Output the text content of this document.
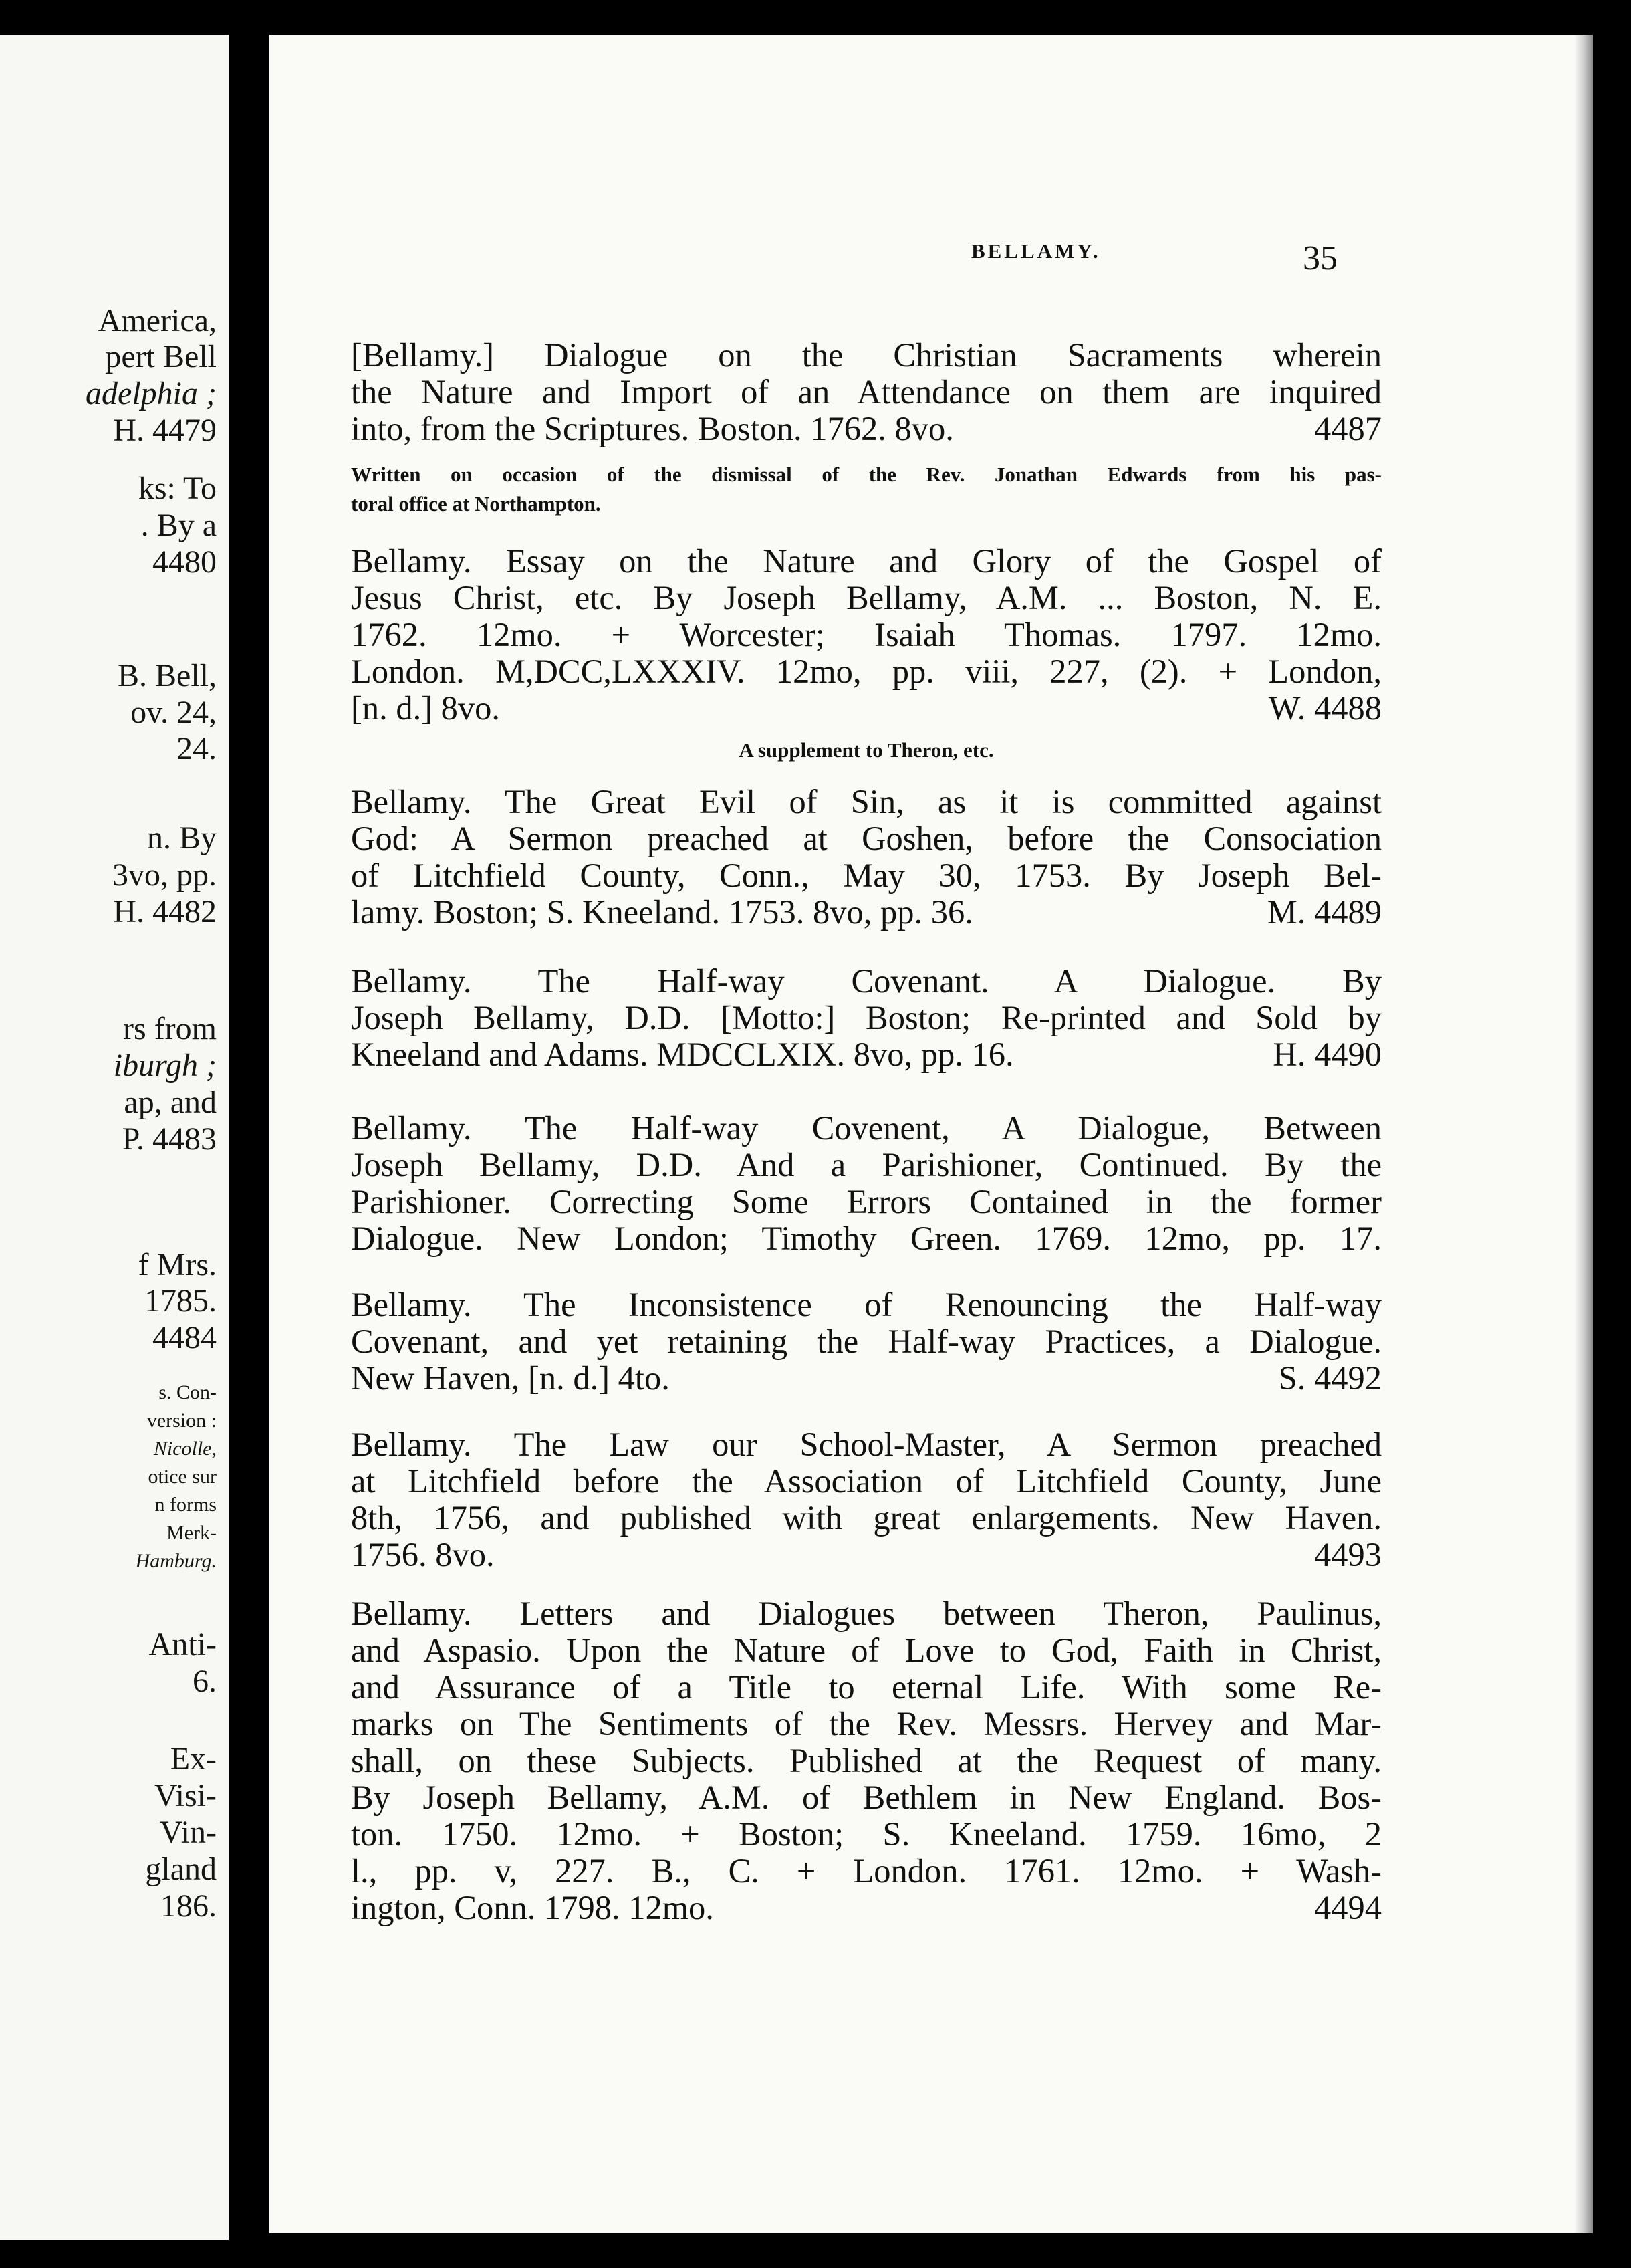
America,
pert Bell
adelphia ;
H. 4479
ks: To
. By a
4480
B. Bell,
ov. 24,
24.
n. By
3vo, pp.
H. 4482
rs from
iburgh ;
ap, and
P. 4483
f Mrs.
1785.
4484
s. Con-
version :
Nicolle,
otice sur
n forms
Merk-
Hamburg.
Anti-
6.
Ex-
Visi-
Vin-
gland
186.
BELLAMY.	35
[Bellamy.] Dialogue on the Christian Sacraments wherein
the Nature and Import of an Attendance on them are inquired
into, from the Scriptures. Boston. 1762. 8vo.	4487
Written on occasion of the dismissal of the Rev. Jonathan Edwards from his pas-
toral office at Northampton.
Bellamy. Essay on the Nature and Glory of the Gospel of
Jesus Christ, etc. By Joseph Bellamy, A.M. ... Boston, N. E.
1762. 12mo. + Worcester; Isaiah Thomas. 1797. 12mo.
London. M,DCC,LXXXIV. 12mo, pp. viii, 227, (2). + London,
[n. d.] 8vo.	W. 4488
A supplement to Theron, etc.
Bellamy. The Great Evil of Sin, as it is committed against
God: A Sermon preached at Goshen, before the Consociation
of Litchfield County, Conn., May 30, 1753. By Joseph Bel-
lamy. Boston; S. Kneeland. 1753. 8vo, pp. 36.	M. 4489
Bellamy. The Half-way Covenant. A Dialogue. By
Joseph Bellamy, D.D. [Motto:] Boston; Re-printed and Sold by
Kneeland and Adams. MDCCLXIX. 8vo, pp. 16.	H. 4490
Bellamy. The Half-way Covenent, A Dialogue, Between
Joseph Bellamy, D.D. And a Parishioner, Continued. By the
Parishioner. Correcting Some Errors Contained in the former
Dialogue. New London; Timothy Green. 1769. 12mo, pp. 17.
Bellamy. The Inconsistence of Renouncing the Half-way
Covenant, and yet retaining the Half-way Practices, a Dialogue.
New Haven, [n. d.] 4to.	S. 4492
Bellamy. The Law our School-Master, A Sermon preached
at Litchfield before the Association of Litchfield County, June
8th, 1756, and published with great enlargements. New Haven.
1756. 8vo.	4493
Bellamy. Letters and Dialogues between Theron, Paulinus,
and Aspasio. Upon the Nature of Love to God, Faith in Christ,
and Assurance of a Title to eternal Life. With some Re-
marks on The Sentiments of the Rev. Messrs. Hervey and Mar-
shall, on these Subjects. Published at the Request of many.
By Joseph Bellamy, A.M. of Bethlem in New England. Bos-
ton. 1750. 12mo. + Boston; S. Kneeland. 1759. 16mo, 2
l., pp. v, 227. B., C. + London. 1761. 12mo. + Wash-
ington, Conn. 1798. 12mo.	4494
